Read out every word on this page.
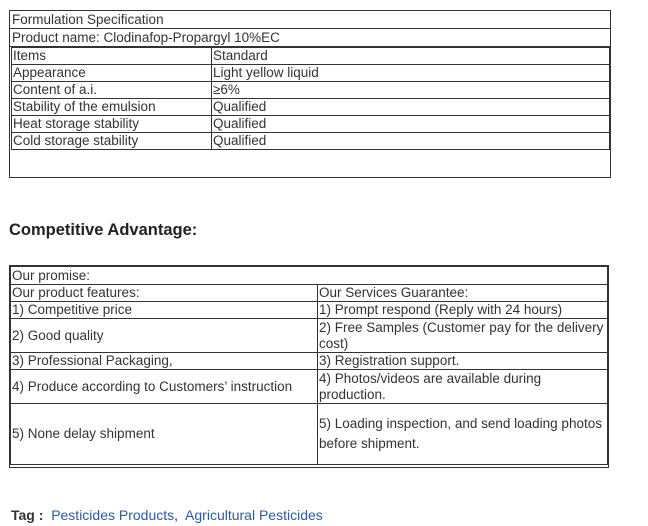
Formulation Specification
Product name: Clodinafop-Propargyl 10%EC
Items	Standard
Appearance	Light yellow liquid
Content of a.i.	≥6%
Stability of the emulsion	Qualified
Heat storage stability	Qualified
Cold storage stability	Qualified
Competitive Advantage:
Our promise:	
Our product features:	Our Services Guarantee:
1) Competitive price	1) Prompt respond (Reply with 24 hours)
2) Good quality	2) Free Samples (Customer pay for the delivery cost)
3) Professional Packaging,	3) Registration support.
4) Produce according to Customers’ instruction	4) Photos/videos are available during production.
5) None delay shipment	5) Loading inspection, and send loading photos before shipment.
Tag : Pesticides Products, Agricultural Pesticides
